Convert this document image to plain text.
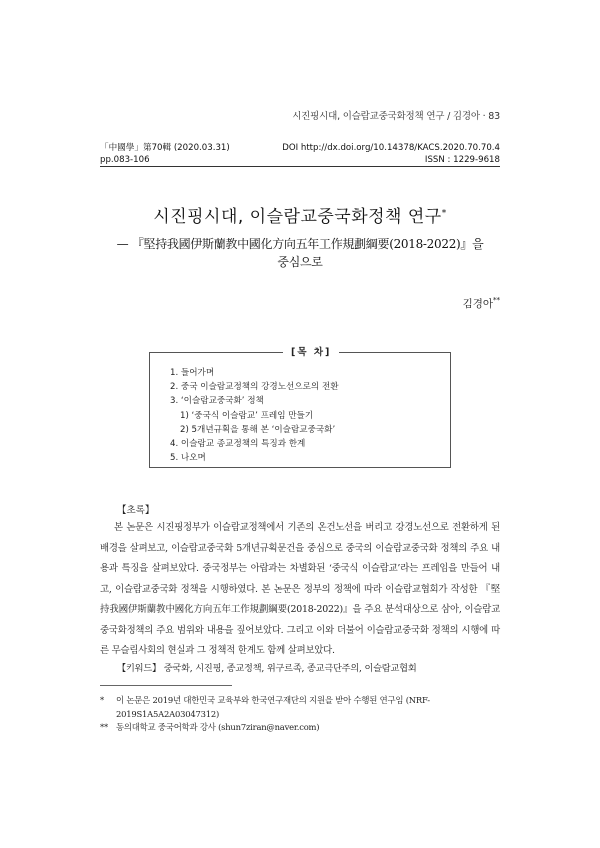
시진핑시대, 이슬람교중국화정책 연구 / 김경아 · 83
「中國學」第70輯 (2020.03.31)	DOI http://dx.doi.org/10.14378/KACS.2020.70.70.4
pp.083-106	ISSN : 1229-9618
시진핑시대, 이슬람교중국화정책 연구*
— 『堅持我國伊斯蘭教中國化方向五年工作規劃綱要(2018-2022)』을
중심으로
김경아**
[목 차]
1. 들어가며
2. 중국 이슬람교정책의 강경노선으로의 전환
3. ‘이슬람교중국화’ 정책
1) ‘중국식 이슬람교’ 프레임 만들기
2) 5개년규획을 통해 본 ‘이슬람교중국화’
4. 이슬람교 종교정책의 특징과 한계
5. 나오며
【초록】
본 논문은 시진핑정부가 이슬람교정책에서 기존의 온건노선을 버리고 강경노선으로 전환하게 된 배경을 살펴보고, 이슬람교중국화 5개년규획문건을 중심으로 중국의 이슬람교중국화 정책의 주요 내용과 특징을 살펴보았다. 중국정부는 아랍과는 차별화된 ‘중국식 이슬람교’라는 프레임을 만들어 내고, 이슬람교중국화 정책을 시행하였다. 본 논문은 정부의 정책에 따라 이슬람교협회가 작성한 『堅持我國伊斯蘭教中國化方向五年工作規劃綱要(2018-2022)』을 주요 분석대상으로 삼아, 이슬람교중국화정책의 주요 범위와 내용을 짚어보았다. 그리고 이와 더불어 이슬람교중국화 정책의 시행에 따른 무슬림사회의 현실과 그 정책적 한계도 함께 살펴보았다.
【키워드】 중국화, 시진핑, 종교정책, 위구르족, 종교극단주의, 이슬람교협회
*	이 논문은 2019년 대한민국 교육부와 한국연구재단의 지원을 받아 수행된 연구임 (NRF-2019S1A5A2A03047312)
** 동의대학교 중국어학과 강사 (shun7ziran@naver.com)
